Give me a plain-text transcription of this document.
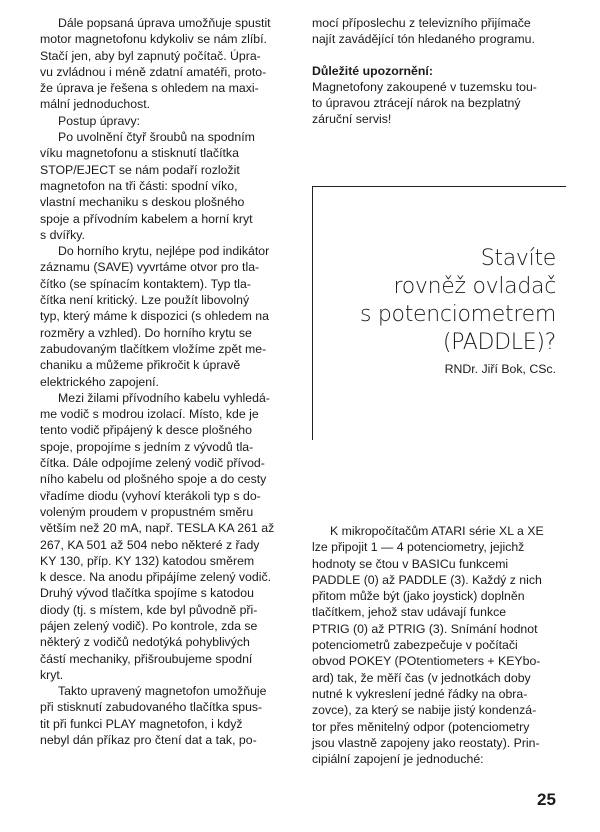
Dále popsaná úprava umožňuje spustit
motor magnetofonu kdykoliv se nám zlíbí.
Stačí jen, aby byl zapnutý počítač. Úpra-
vu zvládnou i méně zdatní amatéři, proto-
že úprava je řešena s ohledem na maxi-
mální jednoduchost.

Postup úpravy:

Po uvolnění čtyř šroubů na spodním
víku magnetofonu a stisknutí tlačítka
STOP/EJECT se nám podaří rozložit
magnetofon na tři části: spodní víko,
vlastní mechaniku s deskou plošného
spoje a přívodním kabelem a horní kryt
s dvířky.

Do horního krytu, nejlépe pod indikátor
záznamu (SAVE) vyvrtáme otvor pro tla-
čítko (se spínacím kontaktem). Typ tla-
čítka není kritický. Lze použít libovolný
typ, který máme k dispozici (s ohledem na
rozměry a vzhled). Do horního krytu se
zabudovaným tlačítkem vložíme zpět me-
chaniku a můžeme přikročit k úpravě
elektrického zapojení.

Mezi žilami přívodního kabelu vyhledá-
me vodič s modrou izolací. Místo, kde je
tento vodič připájený k desce plošného
spoje, propojíme s jedním z vývodů tla-
čítka. Dále odpojíme zelený vodič přívod-
ního kabelu od plošného spoje a do cesty
vřadíme diodu (vyhoví kterákoli typ s do-
voleným proudem v propustném směru
větším než 20 mA, např. TESLA KA 261 až
267, KA 501 až 504 nebo některé z řady
KY 130, příp. KY 132) katodou směrem
k desce. Na anodu připájíme zelený vodič.
Druhý vývod tlačítka spojíme s katodou
diody (tj. s místem, kde byl původně při-
pájen zelený vodič). Po kontrole, zda se
některý z vodičů nedotýká pohyblivých
částí mechaniky, přišroubujeme spodní
kryt.

Takto upravený magnetofon umožňuje
při stisknutí zabudovaného tlačítka spus-
tit při funkci PLAY magnetofon, i když
nebyl dán příkaz pro čtení dat a tak, po-

mocí příposlechu z televizního přijímače
najít zavádějící tón hledaného programu.

Důležité upozornění:

Magnetofony zakoupené v tuzemsku tou-
to úpravou ztrácejí nárok na bezplatný
záruční servis!

Stavíte
rovněž ovladač
s potenciometrem
(PADDLE)?
RNDr. Jiří Bok, CSc.

K mikropočítačům ATARI série XL a XE
lze připojit 1 — 4 potenciometry, jejichž
hodnoty se čtou v BASICu funkcemi
PADDLE (0) až PADDLE (3). Každý z nich
přitom může být (jako joystick) doplněn
tlačítkem, jehož stav udávají funkce
PTRIG (0) až PTRIG (3). Snímání hodnot
potenciometrů zabezpečuje v počítači
obvod POKEY (POtentiometers + KEYbo-
ard) tak, že měří čas (v jednotkách doby
nutné k vykreslení jedné řádky na obra-
zovce), za který se nabije jistý kondenzá-
tor přes měnitelný odpor (potenciometry
jsou vlastně zapojeny jako reostaty). Prin-
cipiální zapojení je jednoduché:

25
